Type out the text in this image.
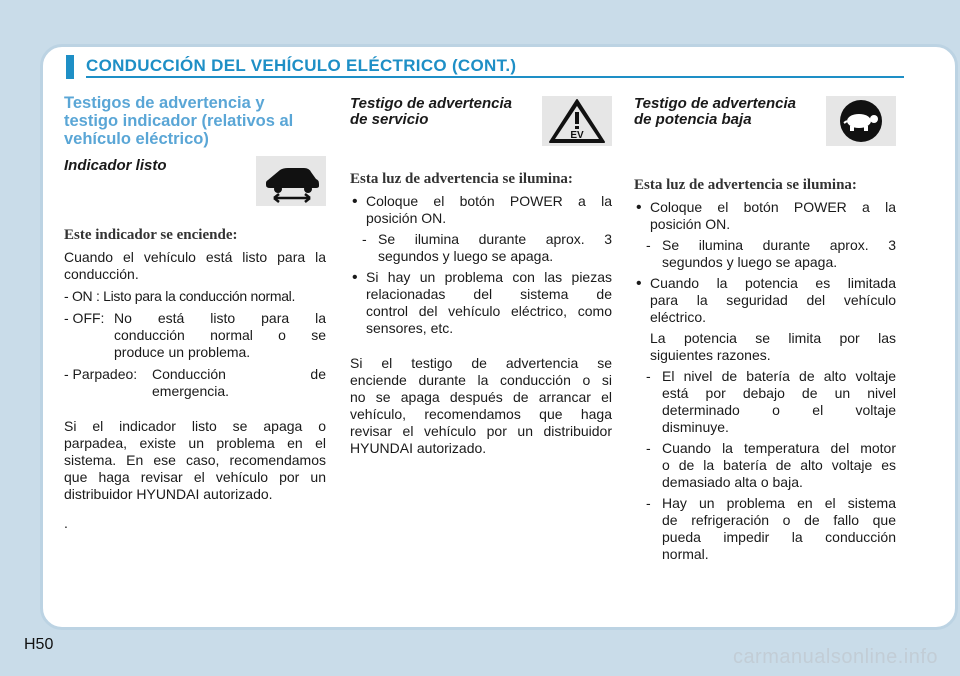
CONDUCCIÓN DEL VEHÍCULO ELÉCTRICO (CONT.)
Testigos de advertencia y
testigo indicador (relativos al
vehículo eléctrico)
Indicador listo
Este indicador se enciende:
Cuando el vehículo está listo para la
conducción.
- ON : Listo para la conducción normal.
- OFF: No está listo para la
conducción normal o se
produce un problema.
- Parpadeo: Conducción de
emergencia.
Si el indicador listo se apaga o
parpadea, existe un problema en el
sistema. En ese caso, recomendamos
que haga revisar el vehículo por un
distribuidor HYUNDAI autorizado.
.
Testigo de advertencia
de servicio
Esta luz de advertencia se ilumina:
• Coloque el botón POWER a la
posición ON.
- Se ilumina durante aprox. 3
segundos y luego se apaga.
• Si hay un problema con las piezas
relacionadas del sistema de
control del vehículo eléctrico, como
sensores, etc.
Si el testigo de advertencia se
enciende durante la conducción o si
no se apaga después de arrancar el
vehículo, recomendamos que haga
revisar el vehículo por un distribuidor
HYUNDAI autorizado.
EV
Testigo de advertencia
de potencia baja
Esta luz de advertencia se ilumina:
• Coloque el botón POWER a la
posición ON.
- Se ilumina durante aprox. 3
segundos y luego se apaga.
• Cuando la potencia es limitada
para la seguridad del vehículo
eléctrico.
La potencia se limita por las
siguientes razones.
- El nivel de batería de alto voltaje
está por debajo de un nivel
determinado o el voltaje
disminuye.
- Cuando la temperatura del motor
o de la batería de alto voltaje es
demasiado alta o baja.
- Hay un problema en el sistema
de refrigeración o de fallo que
pueda impedir la conducción
normal.
H50
carmanualsonline.info
